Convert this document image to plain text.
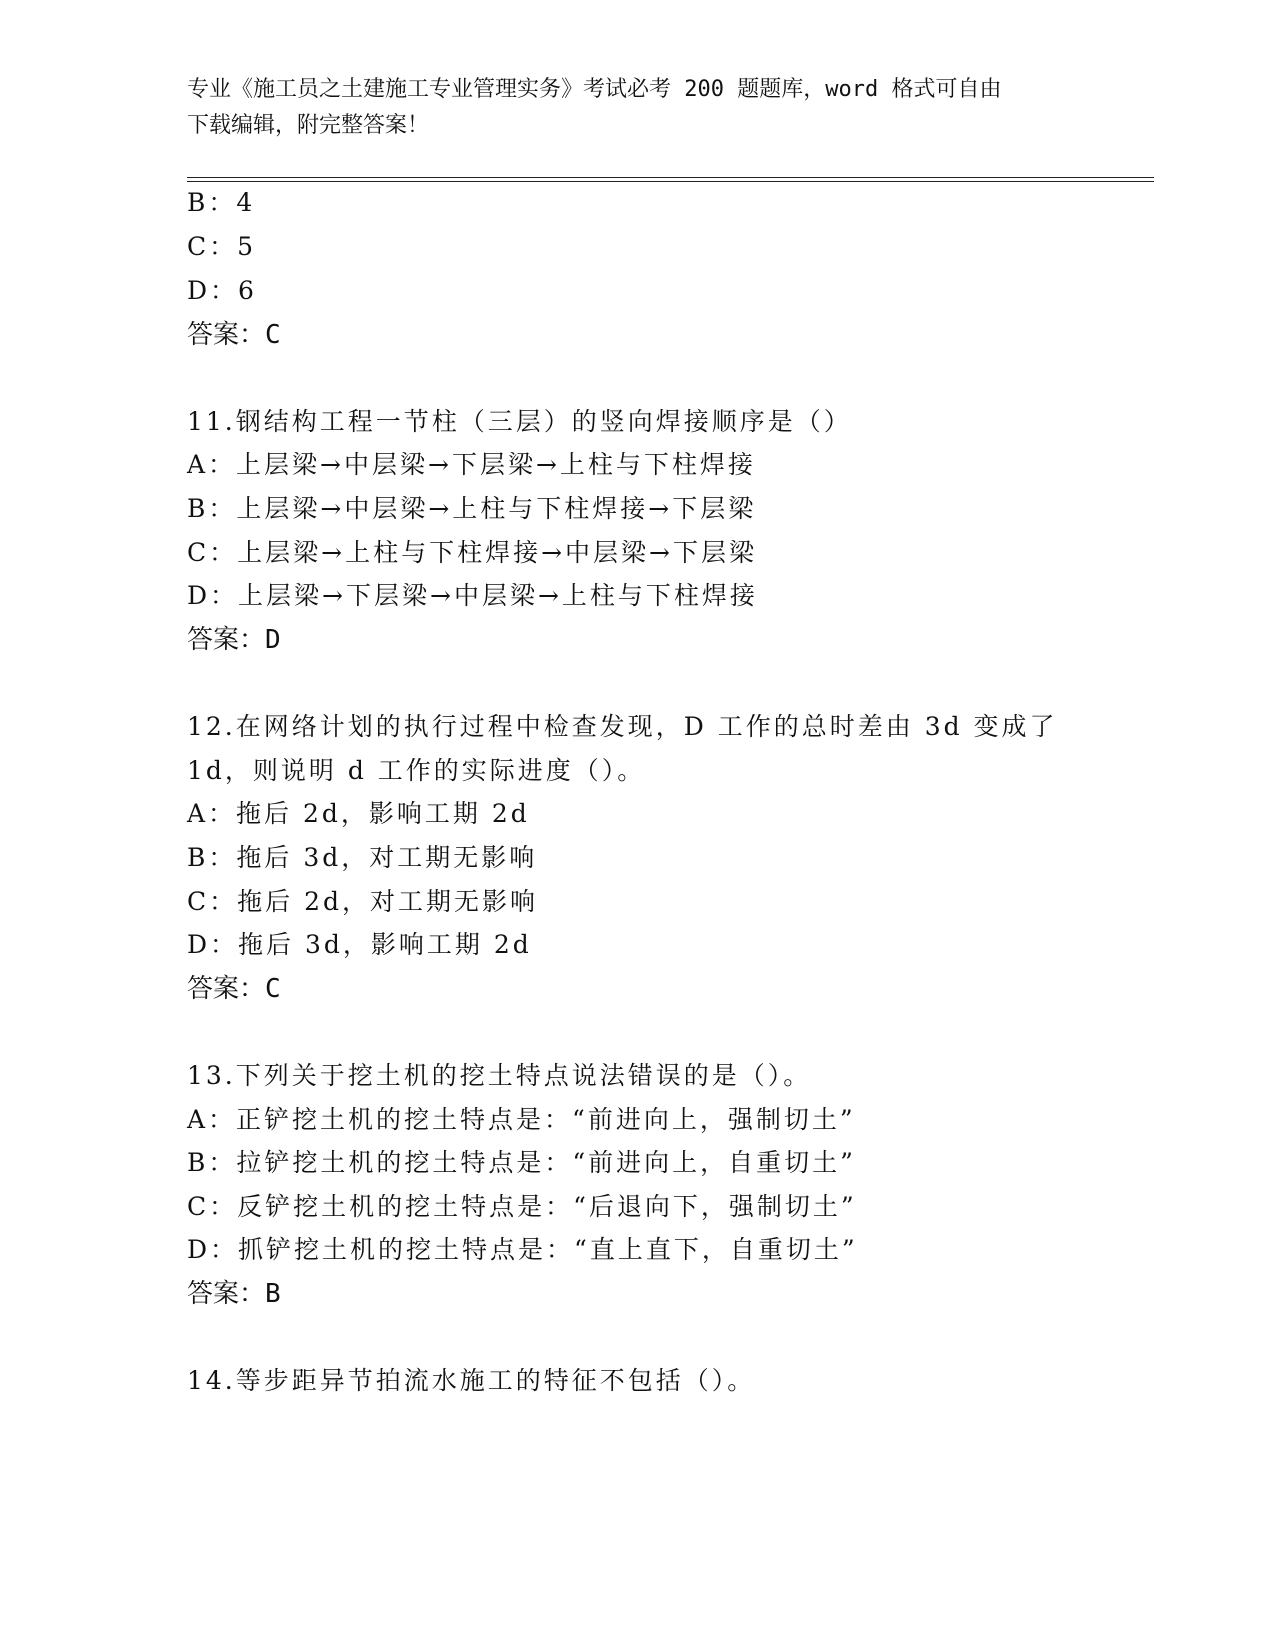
专业《施工员之土建施工专业管理实务》考试必考 200 题题库，word 格式可自由
下载编辑，附完整答案！
B：4
C：5
D：6
答案：C
11.钢结构工程一节柱（三层）的竖向焊接顺序是（）
A：上层梁→中层梁→下层梁→上柱与下柱焊接
B：上层梁→中层梁→上柱与下柱焊接→下层梁
C：上层梁→上柱与下柱焊接→中层梁→下层梁
D：上层梁→下层梁→中层梁→上柱与下柱焊接
答案：D
12.在网络计划的执行过程中检查发现，D 工作的总时差由 3d 变成了
1d，则说明 d 工作的实际进度（）。
A：拖后 2d，影响工期 2d
B：拖后 3d，对工期无影响
C：拖后 2d，对工期无影响
D：拖后 3d，影响工期 2d
答案：C
13.下列关于挖土机的挖土特点说法错误的是（）。
A：正铲挖土机的挖土特点是：“前进向上，强制切土”
B：拉铲挖土机的挖土特点是：“前进向上，自重切土”
C：反铲挖土机的挖土特点是：“后退向下，强制切土”
D：抓铲挖土机的挖土特点是：“直上直下，自重切土”
答案：B
14.等步距异节拍流水施工的特征不包括（）。
